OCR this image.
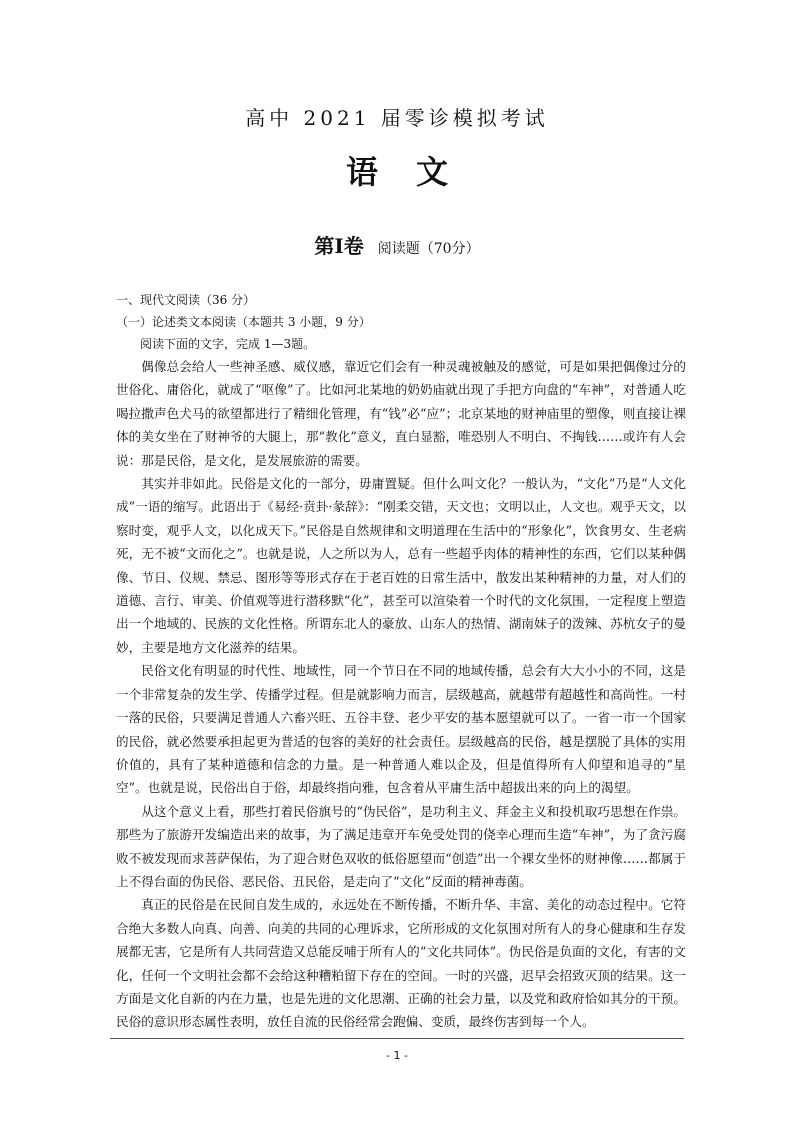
高中 2021 届零诊模拟考试
语 文
第Ⅰ卷 阅读题（70分）
一、现代文阅读（36 分）
（一）论述类文本阅读（本题共 3 小题，9 分）
阅读下面的文字，完成 1—3题。

偶像总会给人一些神圣感、威仪感，靠近它们会有一种灵魂被触及的感觉，可是如果把偶像过分的世俗化、庸俗化，就成了“呕像”了。比如河北某地的奶奶庙就出现了手把方向盘的“车神”，对普通人吃喝拉撒声色犬马的欲望都进行了精细化管理，有“钱”必“应”；北京某地的财神庙里的塑像，则直接让裸体的美女坐在了财神爷的大腿上，那“教化”意义，直白显豁，唯恐别人不明白、不掏钱……或许有人会说：那是民俗，是文化，是发展旅游的需要。

其实并非如此。民俗是文化的一部分，毋庸置疑。但什么叫文化？一般认为，“文化”乃是“人文化成”一语的缩写。此语出于《易经·贲卦·彖辞》：“刚柔交错，天文也；文明以止，人文也。观乎天文，以察时变，观乎人文，以化成天下。”民俗是自然规律和文明道理在生活中的“形象化”，饮食男女、生老病死，无不被“文而化之”。也就是说，人之所以为人，总有一些超乎肉体的精神性的东西，它们以某种偶像、节日、仪规、禁忌、图形等等形式存在于老百姓的日常生活中，散发出某种精神的力量，对人们的道德、言行、审美、价值观等进行潜移默“化”，甚至可以渲染着一个时代的文化氛围，一定程度上塑造出一个地域的、民族的文化性格。所谓东北人的豪放、山东人的热情、湖南妹子的泼辣、苏杭女子的曼妙，主要是地方文化滋养的结果。

民俗文化有明显的时代性、地域性，同一个节日在不同的地域传播，总会有大大小小的不同，这是一个非常复杂的发生学、传播学过程。但是就影响力而言，层级越高，就越带有超越性和高尚性。一村一落的民俗，只要满足普通人六畜兴旺、五谷丰登、老少平安的基本愿望就可以了。一省一市一个国家的民俗，就必然要承担起更为普适的包容的美好的社会责任。层级越高的民俗，越是摆脱了具体的实用价值的，具有了某种道德和信念的力量。是一种普通人难以企及，但是值得所有人仰望和追寻的“星空”。也就是说，民俗出自于俗，却最终指向雅，包含着从平庸生活中超拔出来的向上的渴望。

从这个意义上看，那些打着民俗旗号的“伪民俗”，是功利主义、拜金主义和投机取巧思想在作祟。那些为了旅游开发编造出来的故事，为了满足违章开车免受处罚的侥幸心理而生造“车神”，为了贪污腐败不被发现而求菩萨保佑，为了迎合财色双收的低俗愿望而“创造”出一个裸女坐怀的财神像……都属于上不得台面的伪民俗、恶民俗、丑民俗，是走向了“文化”反面的精神毒菌。

真正的民俗是在民间自发生成的，永远处在不断传播，不断升华、丰富、美化的动态过程中。它符合绝大多数人向真、向善、向美的共同的心理诉求，它所形成的文化氛围对所有人的身心健康和生存发展都无害，它是所有人共同营造又总能反哺于所有人的“文化共同体”。伪民俗是负面的文化，有害的文化，任何一个文明社会都不会给这种糟粕留下存在的空间。一时的兴盛，迟早会招致灭顶的结果。这一方面是文化自新的内在力量，也是先进的文化思潮、正确的社会力量，以及党和政府恰如其分的干预。民俗的意识形态属性表明，放任自流的民俗经常会跑偏、变质，最终伤害到每一个人。

- 1 -
